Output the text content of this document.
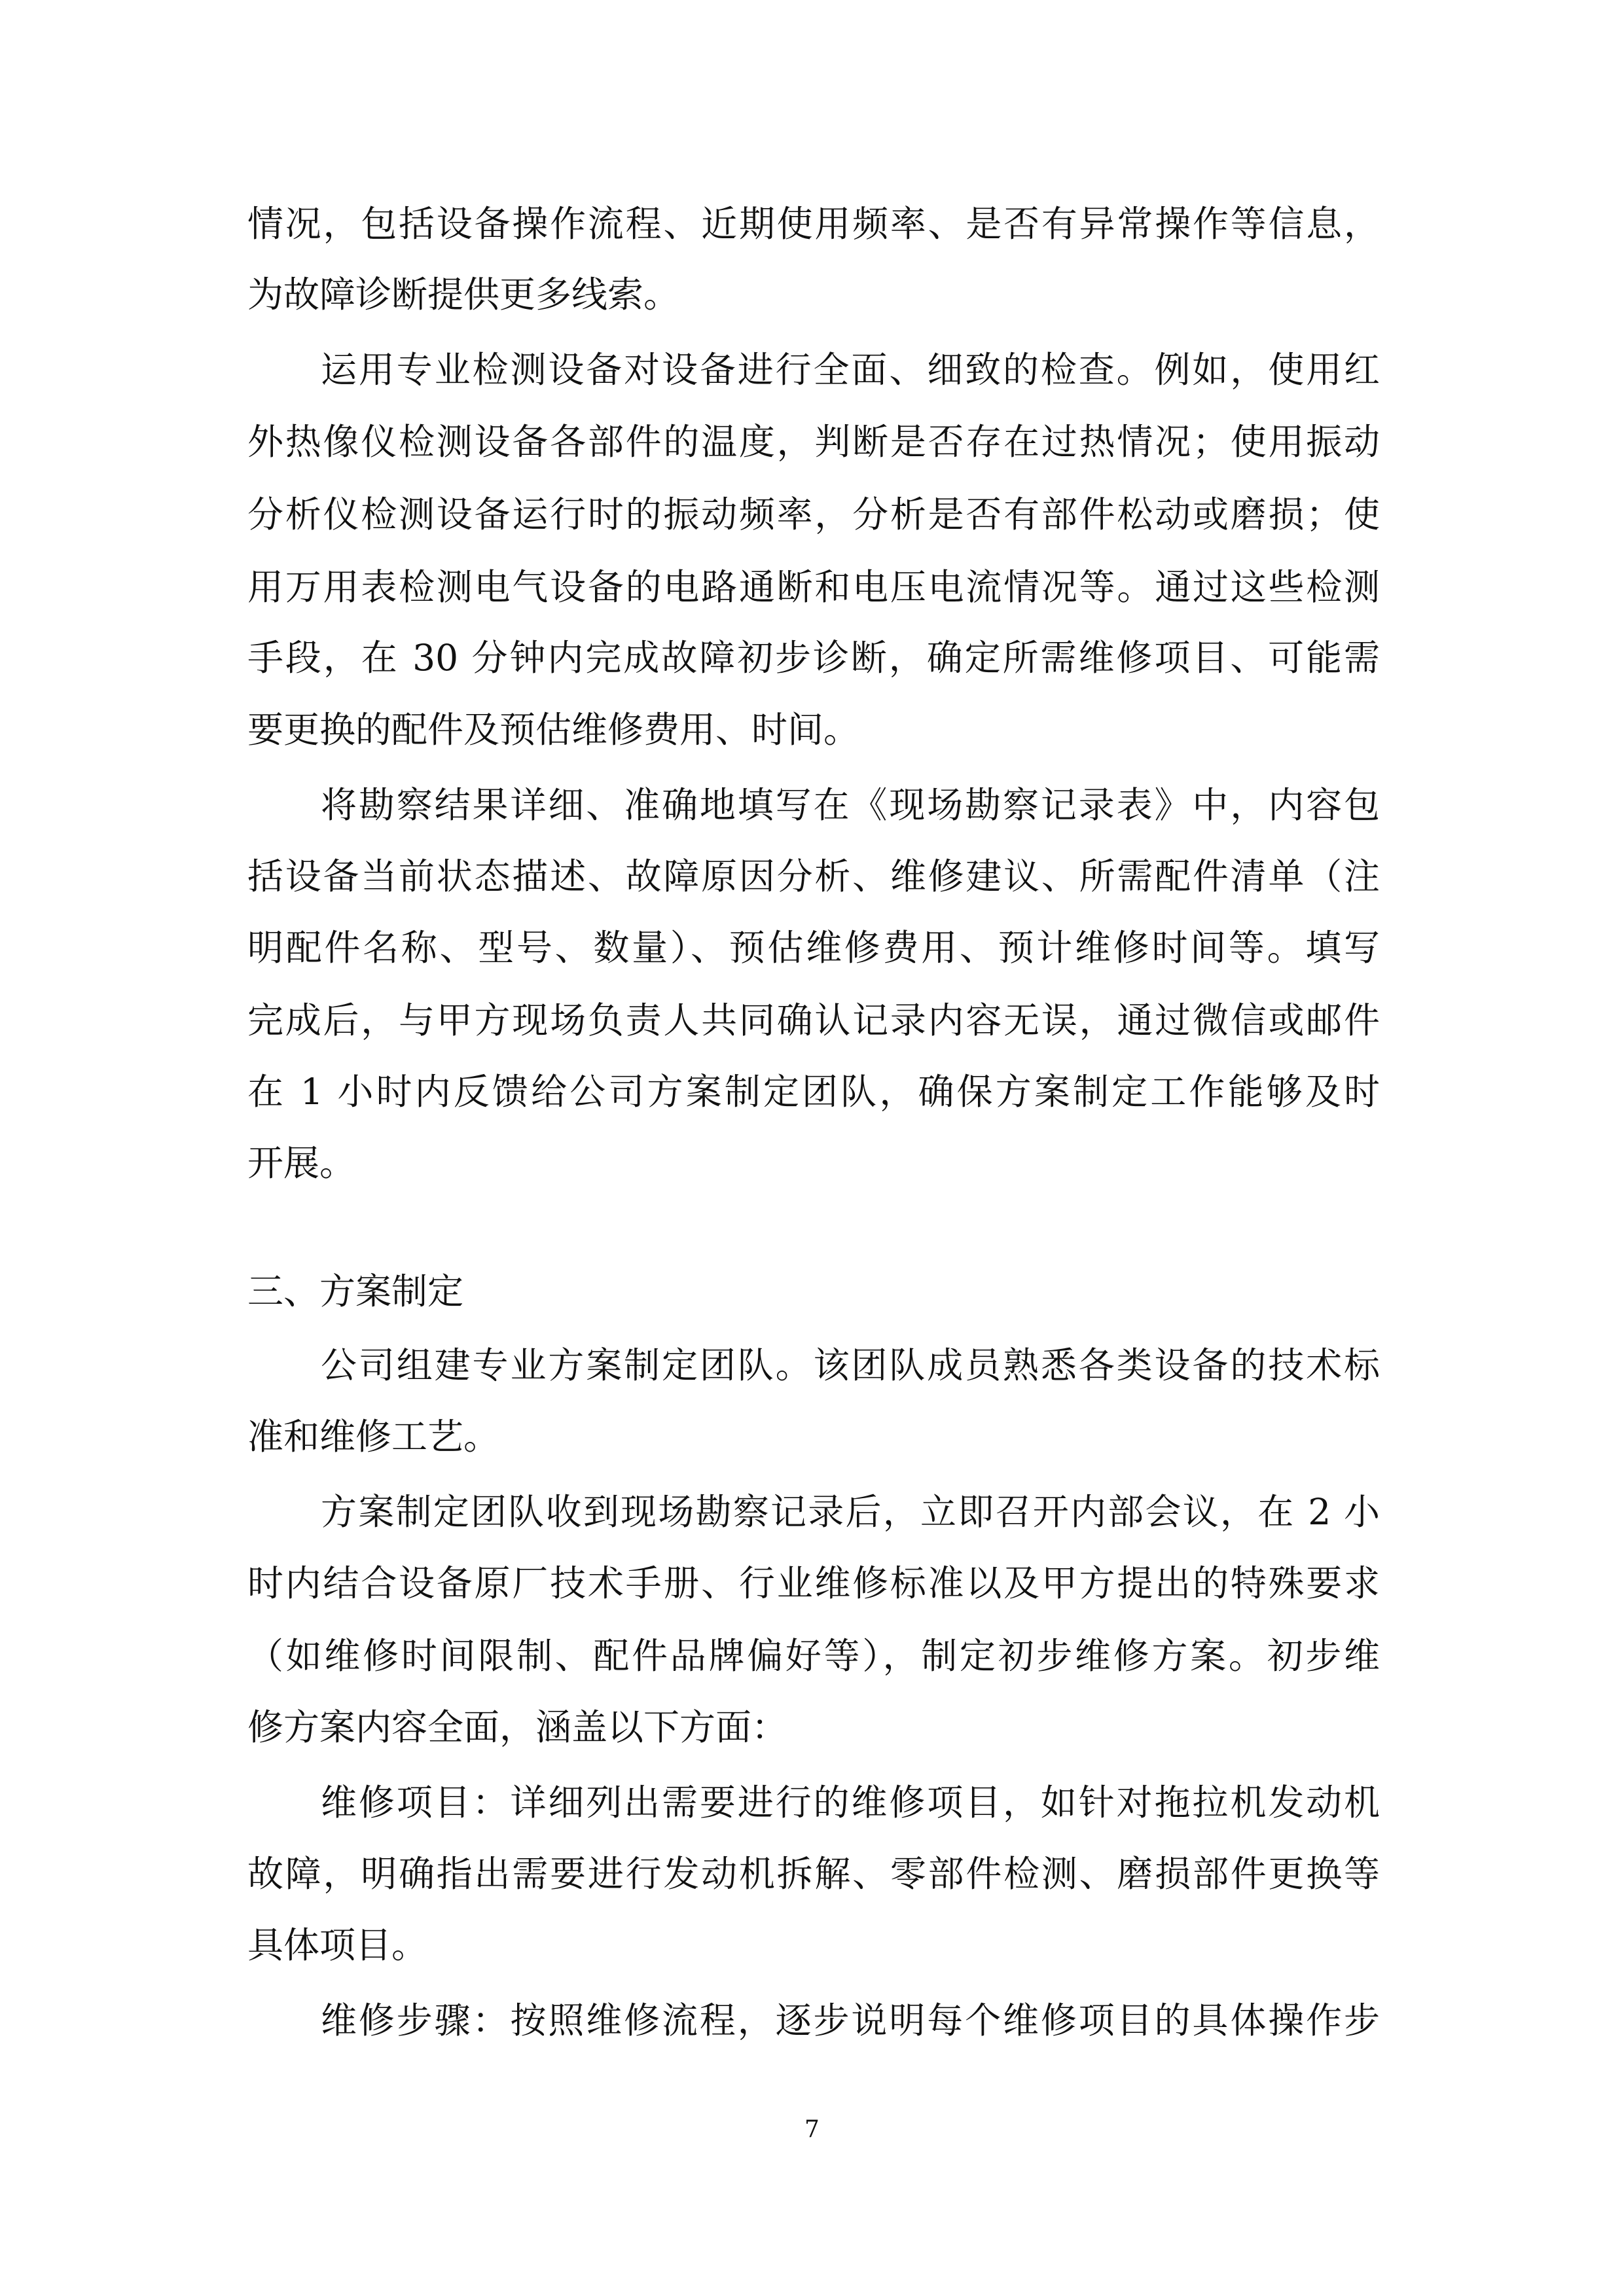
情况，包括设备操作流程、近期使用频率、是否有异常操作等信息，
为故障诊断提供更多线索。
运用专业检测设备对设备进行全面、细致的检查。例如，使用红
外热像仪检测设备各部件的温度，判断是否存在过热情况；使用振动
分析仪检测设备运行时的振动频率，分析是否有部件松动或磨损；使
用万用表检测电气设备的电路通断和电压电流情况等。通过这些检测
手段，在 30 分钟内完成故障初步诊断，确定所需维修项目、可能需
要更换的配件及预估维修费用、时间。
将勘察结果详细、准确地填写在《现场勘察记录表》中，内容包
括设备当前状态描述、故障原因分析、维修建议、所需配件清单（注
明配件名称、型号、数量）、预估维修费用、预计维修时间等。填写
完成后，与甲方现场负责人共同确认记录内容无误，通过微信或邮件
在 1 小时内反馈给公司方案制定团队，确保方案制定工作能够及时
开展。
三、方案制定
公司组建专业方案制定团队。该团队成员熟悉各类设备的技术标
准和维修工艺。
方案制定团队收到现场勘察记录后，立即召开内部会议，在 2 小
时内结合设备原厂技术手册、行业维修标准以及甲方提出的特殊要求
（如维修时间限制、配件品牌偏好等），制定初步维修方案。初步维
修方案内容全面，涵盖以下方面：
维修项目：详细列出需要进行的维修项目，如针对拖拉机发动机
故障，明确指出需要进行发动机拆解、零部件检测、磨损部件更换等
具体项目。
维修步骤：按照维修流程，逐步说明每个维修项目的具体操作步
7
